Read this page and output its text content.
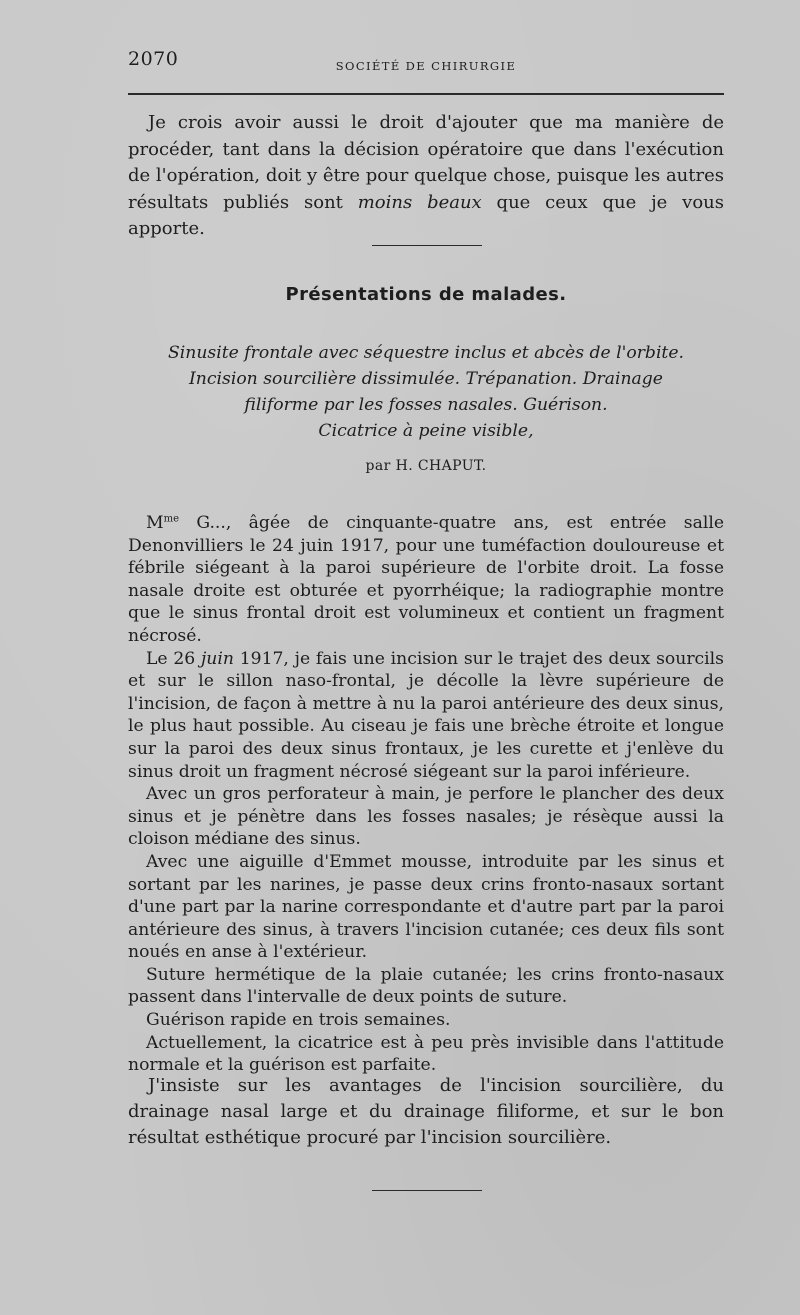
2070	SOCIÉTÉ DE CHIRURGIE

Je crois avoir aussi le droit d'ajouter que ma manière de procéder, tant dans la décision opératoire que dans l'exécution de l'opération, doit y être pour quelque chose, puisque les autres résultats publiés sont moins beaux que ceux que je vous apporte.

Présentations de malades.
Sinusite frontale avec séquestre inclus et abcès de l'orbite.
Incision sourcilière dissimulée. Trépanation. Drainage
filiforme par les fosses nasales. Guérison.
Cicatrice à peine visible,
par H. CHAPUT.

$M^{me}$ G..., âgée de cinquante-quatre ans, est entrée salle Denonvilliers le 24 juin 1917, pour une tuméfaction douloureuse et fébrile siégeant à la paroi supérieure de l'orbite droit. La fosse nasale droite est obturée et pyorrhéique; la radiographie montre que le sinus frontal droit est volumineux et contient un fragment nécrosé.

Le 26 juin 1917, je fais une incision sur le trajet des deux sourcils et sur le sillon naso-frontal, je décolle la lèvre supérieure de l'incision, de façon à mettre à nu la paroi antérieure des deux sinus, le plus haut possible. Au ciseau je fais une brèche étroite et longue sur la paroi des deux sinus frontaux, je les curette et j'enlève du sinus droit un fragment nécrosé siégeant sur la paroi inférieure.

Avec un gros perforateur à main, je perfore le plancher des deux sinus et je pénètre dans les fosses nasales; je résèque aussi la cloison médiane des sinus.

Avec une aiguille d'Emmet mousse, introduite par les sinus et sortant par les narines, je passe deux crins fronto-nasaux sortant d'une part par la narine correspondante et d'autre part par la paroi antérieure des sinus, à travers l'incision cutanée; ces deux fils sont noués en anse à l'extérieur.

Suture hermétique de la plaie cutanée; les crins fronto-nasaux passent dans l'intervalle de deux points de suture.

Guérison rapide en trois semaines.

Actuellement, la cicatrice est à peu près invisible dans l'attitude normale et la guérison est parfaite.

J'insiste sur les avantages de l'incision sourcilière, du drainage nasal large et du drainage filiforme, et sur le bon résultat esthétique procuré par l'incision sourcilière.
